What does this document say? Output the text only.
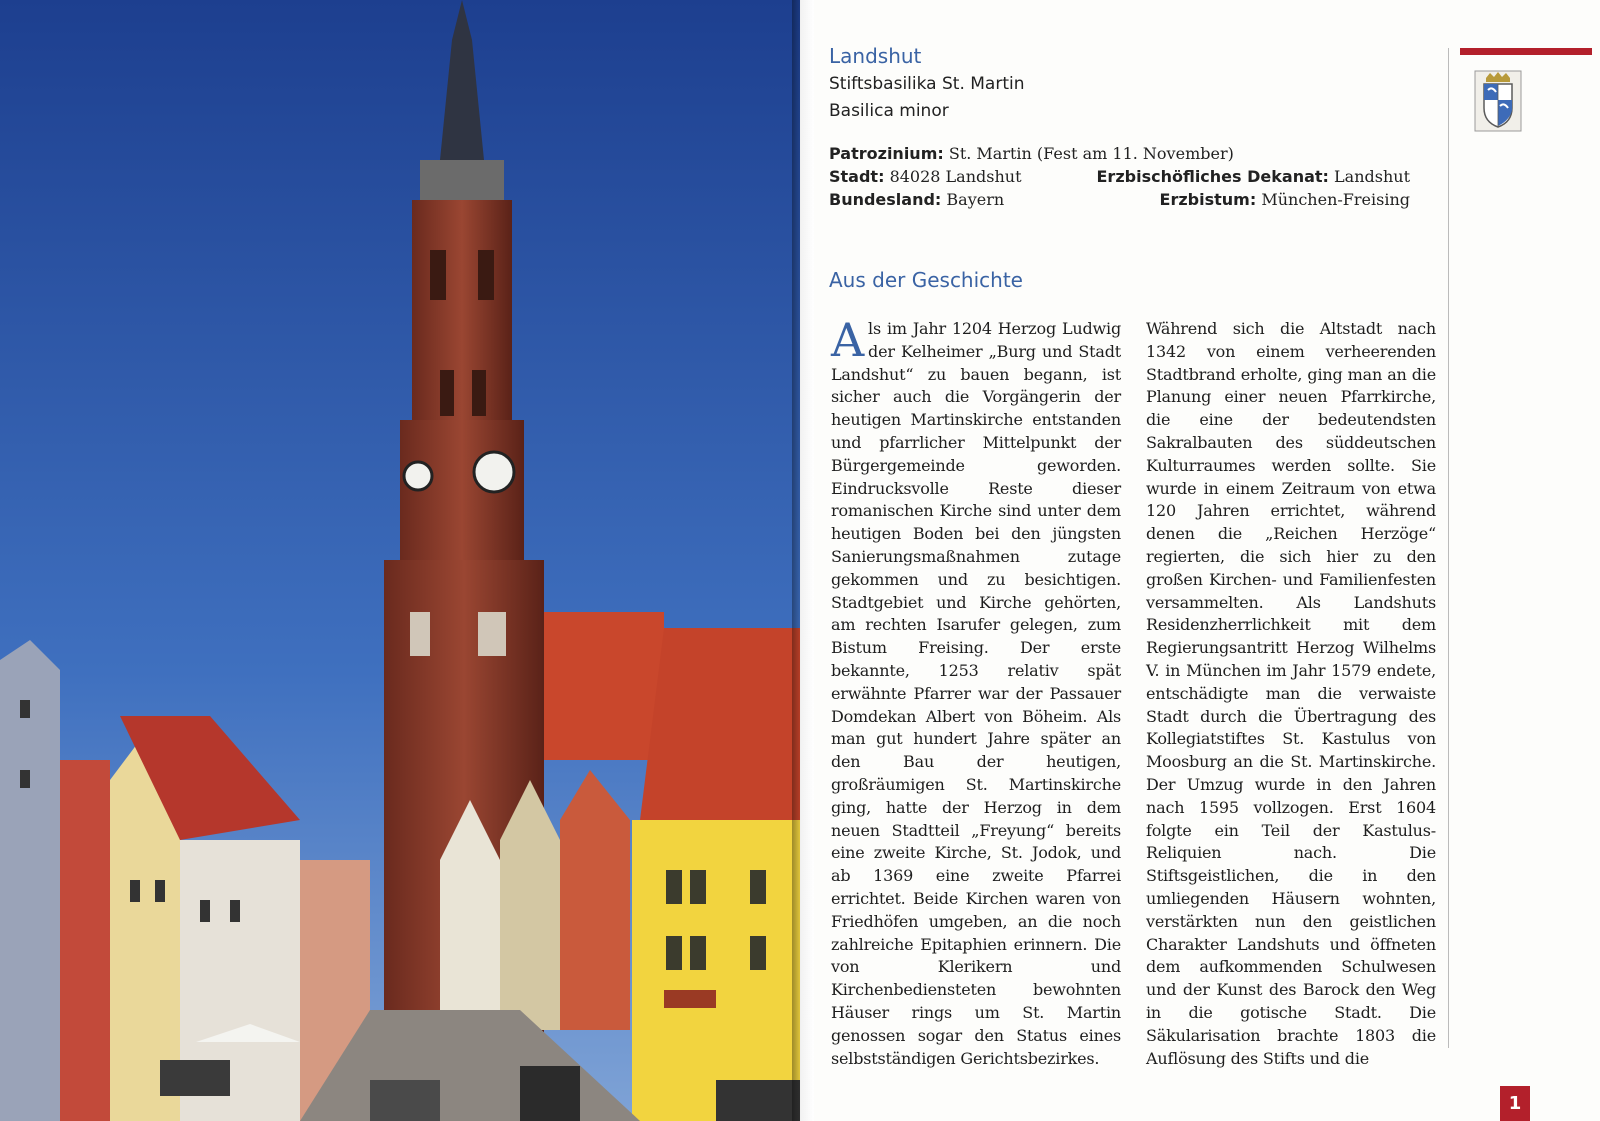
Landshut
Stiftsbasilika St. Martin
Basilica minor
Patrozinium: St. Martin (Fest am 11. November)
Stadt: 84028 Landshut
Bundesland: Bayern
Erzbischöfliches Dekanat: Landshut
Erzbistum: München-Freising
Aus der Geschichte
A ls im Jahr 1204 Herzog Ludwig der Kelheimer „Burg und Stadt Landshut“ zu bauen begann, ist sicher auch die Vorgängerin der heutigen Martinskirche entstanden und pfarrlicher Mittelpunkt der Bürgergemeinde geworden. Eindrucksvolle Reste dieser romanischen Kirche sind unter dem heutigen Boden bei den jüngsten Sanierungsmaßnahmen zutage gekommen und zu besichtigen. Stadtgebiet und Kirche gehörten, am rechten Isarufer gelegen, zum Bistum Freising. Der erste bekannte, 1253 relativ spät erwähnte Pfarrer war der Passauer Domdekan Albert von Böheim. Als man gut hundert Jahre später an den Bau der heutigen, großräumigen St. Martinskirche ging, hatte der Herzog in dem neuen Stadtteil „Freyung“ bereits eine zweite Kirche, St. Jodok, und ab 1369 eine zweite Pfarrei errichtet. Beide Kirchen waren von Friedhöfen umgeben, an die noch zahlreiche Epitaphien erinnern. Die von Klerikern und Kirchenbediensteten bewohnten Häuser rings um St. Martin genossen sogar den Status eines selbstständigen Gerichtsbezirkes.
Während sich die Altstadt nach 1342 von einem verheerenden Stadtbrand erholte, ging man an die Planung einer neuen Pfarrkirche, die eine der bedeutendsten Sakralbauten des süddeutschen Kulturraumes werden sollte. Sie wurde in einem Zeitraum von etwa 120 Jahren errichtet, während denen die „Reichen Herzöge“ regierten, die sich hier zu den großen Kirchen- und Familienfesten versammelten. Als Landshuts Residenzherrlichkeit mit dem Regierungsantritt Herzog Wilhelms V. in München im Jahr 1579 endete, entschädigte man die verwaiste Stadt durch die Übertragung des Kollegiatstiftes St. Kastulus von Moosburg an die St. Martinskirche. Der Umzug wurde in den Jahren nach 1595 vollzogen. Erst 1604 folgte ein Teil der Kastulus-Reliquien nach. Die Stiftsgeistlichen, die in den umliegenden Häusern wohnten, verstärkten nun den geistlichen Charakter Landshuts und öffneten dem aufkommenden Schulwesen und der Kunst des Barock den Weg in die gotische Stadt. Die Säkularisation brachte 1803 die Auflösung des Stifts und die
1
